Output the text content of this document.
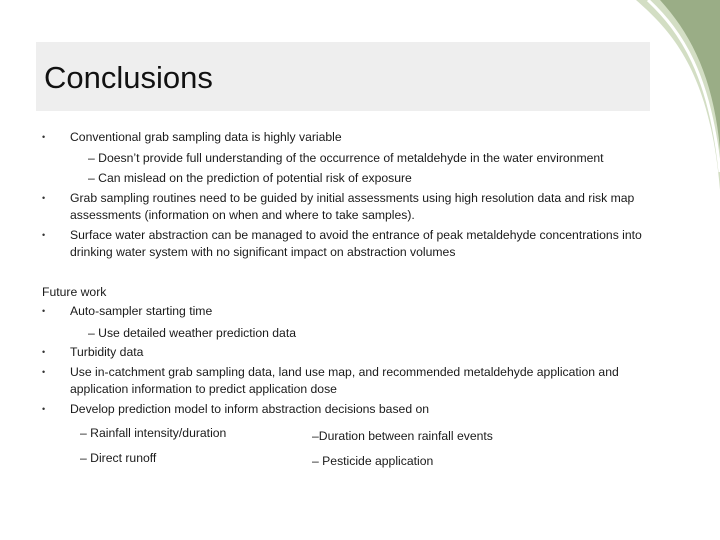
Conclusions
• Conventional grab sampling data is highly variable
– Doesn’t provide full understanding of the occurrence of metaldehyde in the water environment
– Can mislead on the prediction of potential risk of exposure
• Grab sampling routines need to be guided by initial assessments using high resolution data and risk map
assessments (information on when and where to take samples).
• Surface water abstraction can be managed to avoid the entrance of peak metaldehyde concentrations into
drinking water system with no significant impact on abstraction volumes
Future work
• Auto-sampler starting time
– Use detailed weather prediction data
• Turbidity data
• Use in-catchment grab sampling data, land use map, and recommended metaldehyde application and
application information to predict application dose
• Develop prediction model to inform abstraction decisions based on
– Rainfall intensity/duration	–Duration between rainfall events
– Direct runoff	– Pesticide application
